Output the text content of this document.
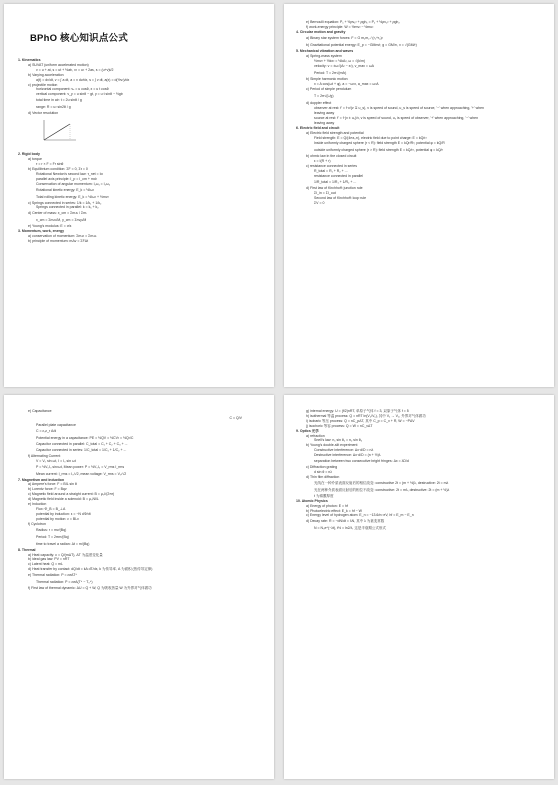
BPhO 核心知识点公式
1. Kinematics
a) SUVAT (uniform accelerated motion)
v = u + at, s = ut + ½at², v² = u² + 2as, s = (u+v)t/2
b) Varying acceleration
a(t) = dv/dt, v = ∫ a dt, a = v dv/dx, s = ∫ v dt, a(x) = d(½v²)/dx
c) projectile motion
horizontal component: vₓ = u cosθ, x = u t cosθ
vertical component: v_y = u sinθ − gt, y = u t sinθ − ½gt²
total time in air: t = 2u sinθ / g
range: R = u² sin2θ / g
d) Vector resolution
2. Rigid body
a) torque
τ = r × F = Fr sinθ
b) Equilibrium condition: ΣF = 0, Στ = 0
Rotational Newton's second law: τ_net = Iα
parallel axis principle: I_p = I_cm + md²
Conservation of angular momentum: I₁ω₁ = I₂ω₂
Rotational kinetic energy: E_k = ½Iω²
Total rolling kinetic energy: E_k = ½Iω² + ½mv²
c) Springs connected in series: 1/k = 1/k₁ + 1/k₂
Springs connected in parallel: k = k₁ + k₂
d) Center of mass: x_cm = Σmᵢxᵢ / Σmᵢ
x_cm = Σmᵢxᵢ/M, y_cm = Σmᵢyᵢ/M
e) Young's modulus: E = σ/ε
3. Momentum, work, energy
a) conservation of momentum: Σmᵢvᵢ = Σmᵢuᵢ
b) principle of momentum: mΔv = ΣFΔt
e) Bernoulli equation: P₁ + ½ρv₁² + ρgh₁ = P₂ + ½ρv₂² + ρgh₂
f) work-energy principle: W = ½mv² − ½mu²
4. Circular motion and gravity
a) Binary star system forces: F = G m₁m₂ / (r₁+r₂)²
b) Gravitational potential energy: E_p = −GMm/r, g = GM/r², v = √(GM/r)
5. Mechanical vibration and waves
a) Spring-mass system
½mv² + ½kx² = ½kA², ω = √(k/m)
velocity: v = ±ω√(A² − x²), v_max = ωA
Period: T = 2π√(m/k)
b) Simple harmonic motion
x = A cos(ωt + φ), a = −ω²x, a_max = ω²A
c) Period of simple pendulum
T = 2π√(L/g)
d) doppler effect
observer at rest: f' = f·v/(v ∓ u_s), v is speed of sound, u_s is speed of source, '−' when approaching, '+' when
leaving away
source at rest: f' = f·(v ± u₀)/v, v is speed of sound, u₀ is speed of observer, '+' when approaching, '−' when
leaving away
6. Electric field and circuit
a) Electric field strength and potential
Field strength: E = Q/(4πε₀r²), electric field due to point charge: E = kQ/r²
Inside uniformly charged sphere (r < R): field strength E = kQr/R³, potential φ = kQ/R
outside uniformly charged sphere (r > R): field strength E = kQ/r², potential φ = kQ/r
b) ohmic law in the closed circuit
ε = I(R + r)
c) resistance connected in series
R_total = R₁ + R₂ + ...
resistance connected in parallel
1/R_total = 1/R₁ + 1/R₂ + ...
d) First law of Kirchhoff: junction rule
ΣI_in = ΣI_out
Second law of Kirchhoff: loop rule
ΣV = 0
e) Capacitance
C = Q/V
Parallel plate capacitance
C = ε₀ε_r A/d
Potential energy in a capacitance: PE = ½QV = ½CV² = ½Q²/C
Capacitor connected in parallel: C_total = C₁ + C₂ + C₃ + ...
Capacitor connected in series: 1/C_total = 1/C₁ + 1/C₂ + ...
f) Alternating Current
V = V₀ sin ωt, I = I₀ sin ωt
P = ½V₀I₀ sin²ωt, Mean power: P = ½V₀I₀ = V_rms I_rms
Mean current: I_rms = I₀/√2, mean voltage: V_rms = V₀/√2
7. Magnetism and induction
a) Ampere's force: F = BIL sin θ
b) Lorentz force: F = Bqv
c) Magnetic field around a straight current: B = μ₀I/(2πr)
d) Magnetic field inside a solenoid: B = μ₀NI/L
e) Induction
Flux: Φ_B = B_⊥A
potential by induction: ε = −N dΦ/dt
potential by motion: ε = BLv
f) Cyclotron
Radius: r = mv/(Bq)
Period: T = 2πm/(Bq)
time to travel a radian: Δt = m/(Bq)
8. Thermal
a) Heat capacity: c = Q/(mΔT), ΔT 为温度变化量
b) ideal gas law: PV = nRT
c) Latent heat: Q = mL
d) Heat transfer by contact: dQ/dt = kA dT/dx, k 为传导率, A 为面积 (热传导定律)
e) Thermal radiation: P = εσAT⁴
Thermal radiation: P = εσA(T⁴ − T₀⁴)
f) First law of thermal dynamic: ΔU = Q + W, Q 为吸收热量 W 为外界对气体做功
g) internal energy: U = (f/2)nRT, 单原子气体 f = 3, 双原子气体 f = 5
h) isothermal 等温 process: Q = nRT ln(V₂/V₁), 其中 V₁ → V₂, 外界对气体做功
i) isobaric 等压 process: Q = nC_pΔT, 其中 C_p = C_v + R, W = −PΔV
j) isochoric 等容 process: Q = W = nC_vΔT
9. Optics 光学
a) refraction
Snell's law: n₁ sin θ₁ = n₂ sin θ₂
b) Young's double-slit experiment
Constructive interference: Δx·d/D = nλ
Destructive interference: Δx·d/D = (n + ½)λ
separation between two consecutive bright fringes: Δx = λD/d
c) Diffraction grating
d sin θ = nλ
d) Thin film diffraction
光线在一种介质表面反射后的相位改变: constructive 2t = (m + ½)λ, destructive: 2t = mλ
光在两种介质表面反射后的相位不改变: constructive: 2t = mλ, destructive: 2t = (m + ½)λ
t 为薄膜厚度
10. Atomic Physics
a) Energy of photon: E = hf
b) Photoelectric effect: E_k = hf − W
c) Energy level of hydrogen atom: E_n = −13.6/n² eV, hf = E_m − E_n
d) Decay rate: R = −dN/dt = λN, 其中 λ 为衰变常数
N = N₀e^(−λt), t½ = ln2/λ, 这是半衰期公式形式
